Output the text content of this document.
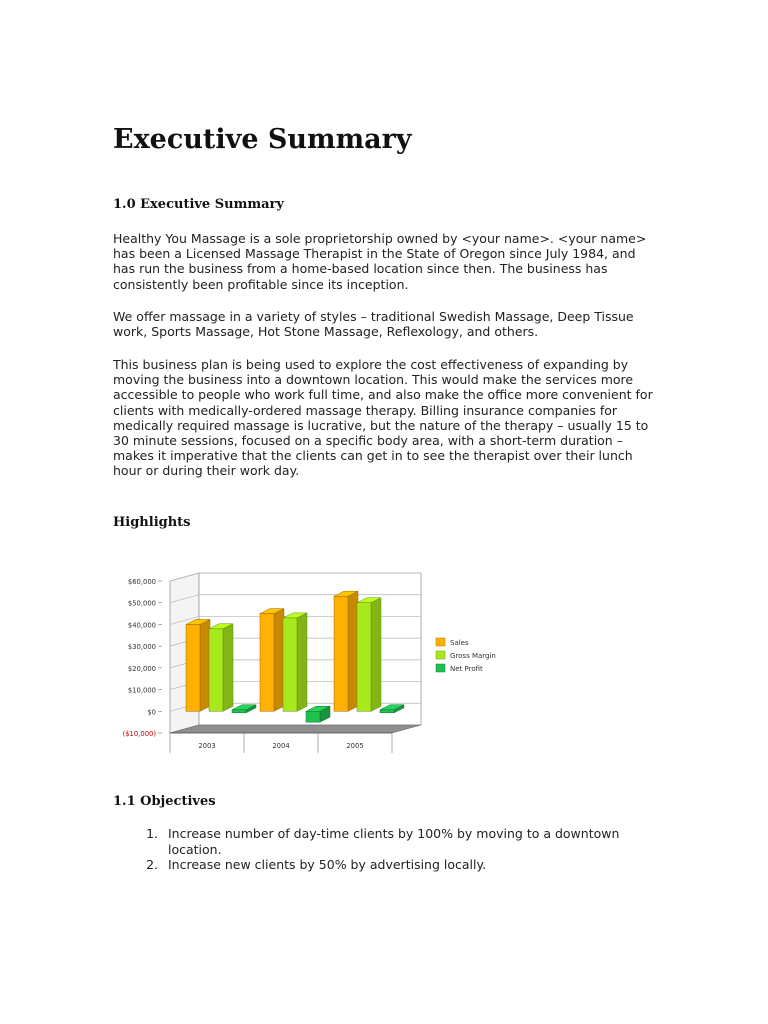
Executive Summary
1.0 Executive Summary

Healthy You Massage is a sole proprietorship owned by <your name>. <your name> has been a Licensed Massage Therapist in the State of Oregon since July 1984, and has run the business from a home-based location since then. The business has consistently been profitable since its inception.

We offer massage in a variety of styles – traditional Swedish Massage, Deep Tissue work, Sports Massage, Hot Stone Massage, Reflexology, and others.

This business plan is being used to explore the cost effectiveness of expanding by moving the business into a downtown location. This would make the services more accessible to people who work full time, and also make the office more convenient for clients with medically-ordered massage therapy. Billing insurance companies for medically required massage is lucrative, but the nature of the therapy – usually 15 to 30 minute sessions, focused on a specific body area, with a short-term duration – makes it imperative that the clients can get in to see the therapist over their lunch hour or during their work day.

Highlights
($10,000)
$0
$10,000
$20,000
$30,000
$40,000
$50,000
$60,000
2003	2004	2005
Sales
Gross Margin
Net Profit
1.1 Objectives
1. Increase number of day-time clients by 100% by moving to a downtown location.
2. Increase new clients by 50% by advertising locally.
